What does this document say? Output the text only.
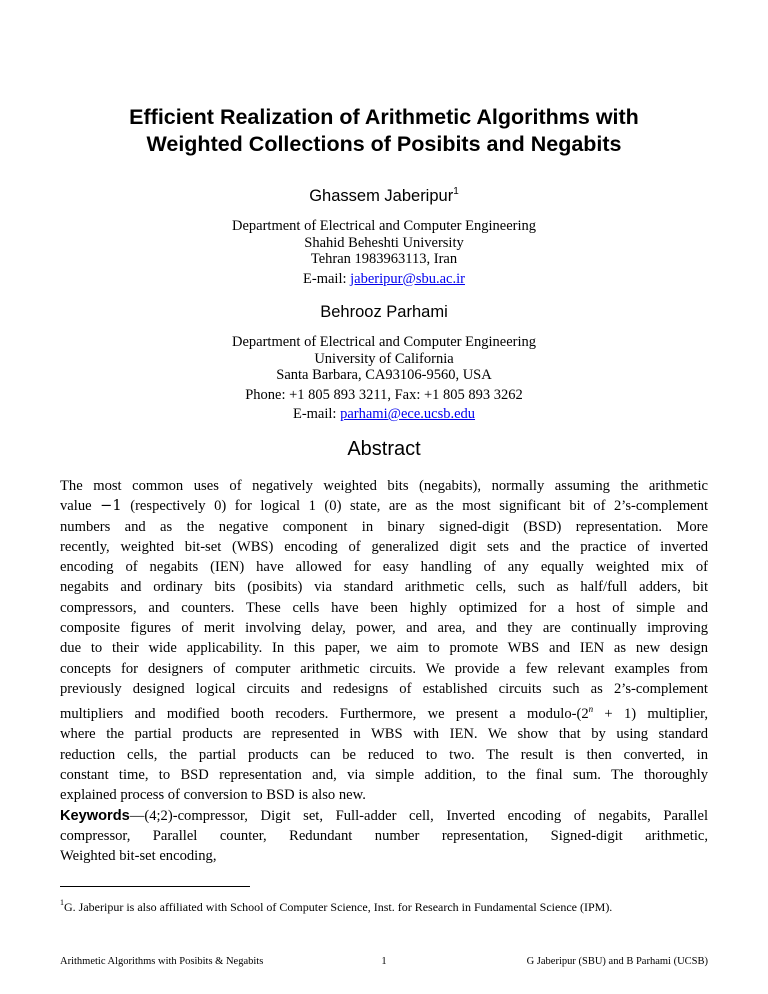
Efficient Realization of Arithmetic Algorithms with
Weighted Collections of Posibits and Negabits
Ghassem Jaberipur$^1$
Department of Electrical and Computer Engineering
Shahid Beheshti University
Tehran 1983963113, Iran
E-mail: jaberipur@sbu.ac.ir
Behrooz Parhami
Department of Electrical and Computer Engineering
University of California
Santa Barbara, CA93106-9560, USA
Phone: +1 805 893 3211, Fax: +1 805 893 3262
E-mail: parhami@ece.ucsb.edu
Abstract
The most common uses of negatively weighted bits (negabits), normally assuming the arithmetic
value −1 (respectively 0) for logical 1 (0) state, are as the most significant bit of 2’s-complement
numbers and as the negative component in binary signed-digit (BSD) representation. More
recently, weighted bit-set (WBS) encoding of generalized digit sets and the practice of inverted
encoding of negabits (IEN) have allowed for easy handling of any equally weighted mix of
negabits and ordinary bits (posibits) via standard arithmetic cells, such as half/full adders, bit
compressors, and counters. These cells have been highly optimized for a host of simple and
composite figures of merit involving delay, power, and area, and they are continually improving
due to their wide applicability. In this paper, we aim to promote WBS and IEN as new design
concepts for designers of computer arithmetic circuits. We provide a few relevant examples from
previously designed logical circuits and redesigns of established circuits such as 2’s-complement
multipliers and modified booth recoders. Furthermore, we present a modulo-$(2^n + 1)$ multiplier,
where the partial products are represented in WBS with IEN. We show that by using standard
reduction cells, the partial products can be reduced to two. The result is then converted, in
constant time, to BSD representation and, via simple addition, to the final sum. The thoroughly
explained process of conversion to BSD is also new.
Keywords—(4;2)-compressor, Digit set, Full-adder cell, Inverted encoding of negabits, Parallel
compressor, Parallel counter, Redundant number representation, Signed-digit arithmetic,
Weighted bit-set encoding,
$^1$G. Jaberipur is also affiliated with School of Computer Science, Inst. for Research in Fundamental Science (IPM).
Arithmetic Algorithms with Posibits & Negabits	1	G Jaberipur (SBU) and B Parhami (UCSB)
